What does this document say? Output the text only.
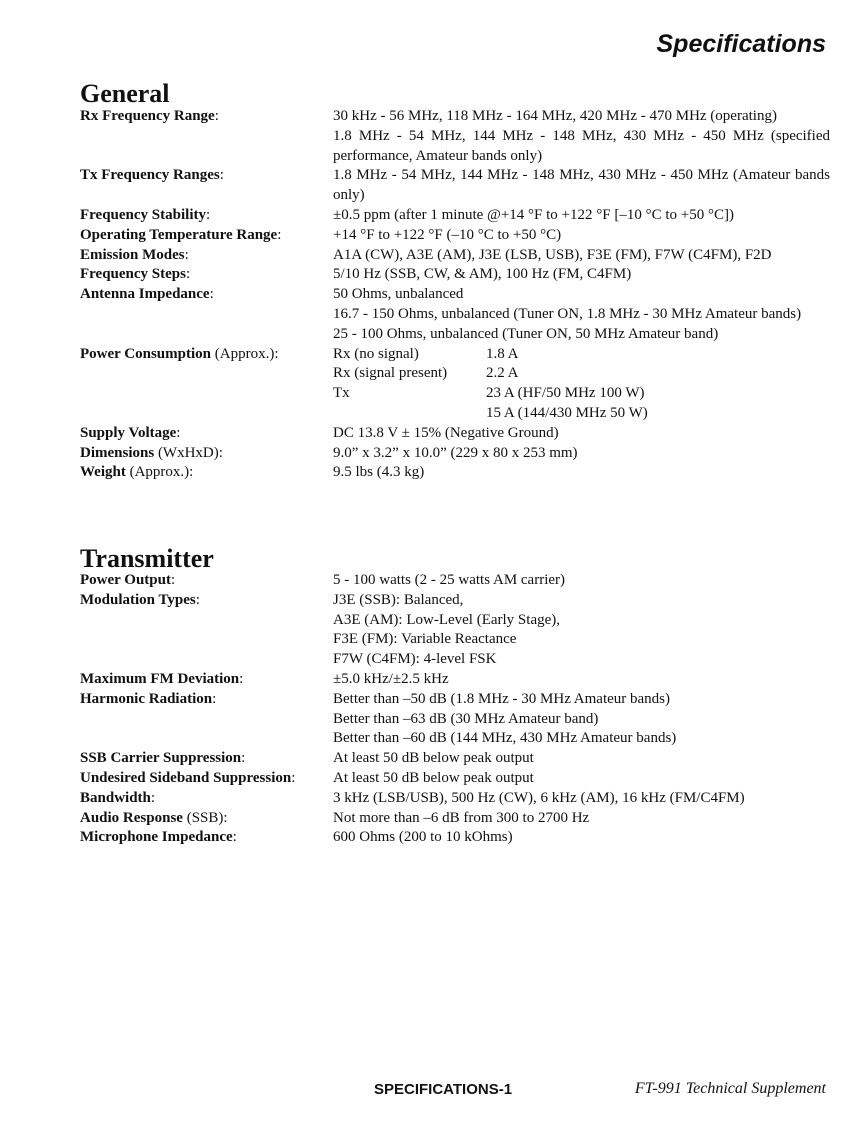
Specifications
General
Rx Frequency Range:	30 kHz - 56 MHz, 118 MHz - 164 MHz, 420 MHz - 470 MHz (operating)
1.8 MHz - 54 MHz, 144 MHz - 148 MHz, 430 MHz - 450 MHz (specified performance, Amateur bands only)
Tx Frequency Ranges:	1.8 MHz - 54 MHz, 144 MHz - 148 MHz, 430 MHz - 450 MHz (Amateur bands only)
Frequency Stability:	±0.5 ppm (after 1 minute @+14 °F to +122 °F [–10 °C to +50 °C])
Operating Temperature Range:	+14 °F to +122 °F (–10 °C to +50 °C)
Emission Modes:	A1A (CW), A3E (AM), J3E (LSB, USB), F3E (FM), F7W (C4FM), F2D
Frequency Steps:	5/10 Hz (SSB, CW, & AM), 100 Hz (FM, C4FM)
Antenna Impedance:	50 Ohms, unbalanced
16.7 - 150 Ohms, unbalanced (Tuner ON, 1.8 MHz - 30 MHz Amateur bands)
25 - 100 Ohms, unbalanced (Tuner ON, 50 MHz Amateur band)
Power Consumption (Approx.):	Rx (no signal)	1.8 A
Rx (signal present)	2.2 A
Tx	23 A (HF/50 MHz 100 W)
15 A (144/430 MHz 50 W)
Supply Voltage:	DC 13.8 V ± 15% (Negative Ground)
Dimensions (WxHxD):	9.0” x 3.2” x 10.0” (229 x 80 x 253 mm)
Weight (Approx.):	9.5 lbs (4.3 kg)
Transmitter
Power Output:	5 - 100 watts (2 - 25 watts AM carrier)
Modulation Types:	J3E (SSB): Balanced,
A3E (AM): Low-Level (Early Stage),
F3E (FM): Variable Reactance
F7W (C4FM): 4-level FSK
Maximum FM Deviation:	±5.0 kHz/±2.5 kHz
Harmonic Radiation:	Better than –50 dB (1.8 MHz - 30 MHz Amateur bands)
Better than –63 dB (30 MHz Amateur band)
Better than –60 dB (144 MHz, 430 MHz Amateur bands)
SSB Carrier Suppression:	At least 50 dB below peak output
Undesired Sideband Suppression:	At least 50 dB below peak output
Bandwidth:	3 kHz (LSB/USB), 500 Hz (CW), 6 kHz (AM), 16 kHz (FM/C4FM)
Audio Response (SSB):	Not more than –6 dB from 300 to 2700 Hz
Microphone Impedance:	600 Ohms (200 to 10 kOhms)
SPECIFICATIONS-1	FT-991 Technical Supplement
